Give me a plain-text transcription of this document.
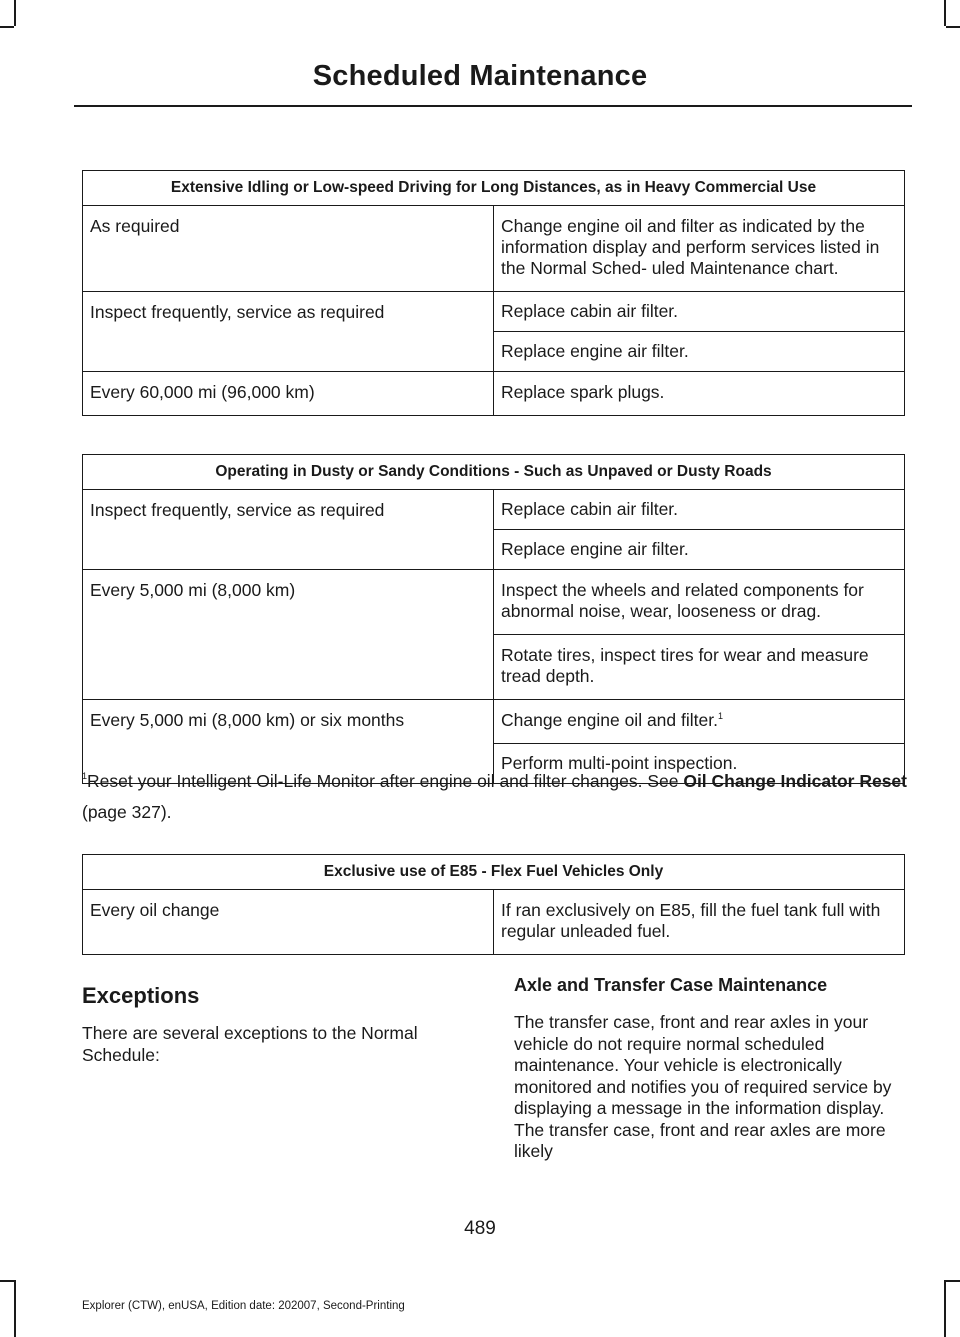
Scheduled Maintenance
Extensive Idling or Low-speed Driving for Long Distances, as in Heavy Commercial Use	
As required	Change engine oil and filter as indicated by the information display and perform services listed in the Normal Sched- uled Maintenance chart.
Inspect frequently, service as required	Replace cabin air filter.
	Replace engine air filter.
Every 60,000 mi (96,000 km)	Replace spark plugs.
Operating in Dusty or Sandy Conditions - Such as Unpaved or Dusty Roads	
Inspect frequently, service as required	Replace cabin air filter.
	Replace engine air filter.
Every 5,000 mi (8,000 km)	Inspect the wheels and related components for abnormal noise, wear, looseness or drag.
	Rotate tires, inspect tires for wear and measure tread depth.
Every 5,000 mi (8,000 km) or six months	Change engine oil and filter.$^1$
	Perform multi-point inspection.
$^1$Reset your Intelligent Oil-Life Monitor after engine oil and filter changes. See Oil Change Indicator Reset (page 327).
Exclusive use of E85 - Flex Fuel Vehicles Only
Every oil change	If ran exclusively on E85, fill the fuel tank full with regular unleaded fuel.
Exceptions

There are several exceptions to the Normal Schedule:

Axle and Transfer Case Maintenance

The transfer case, front and rear axles in your vehicle do not require normal scheduled maintenance. Your vehicle is electronically monitored and notifies you of required service by displaying a message in the information display. The transfer case, front and rear axles are more likely

489
Explorer (CTW), enUSA, Edition date: 202007, Second-Printing
